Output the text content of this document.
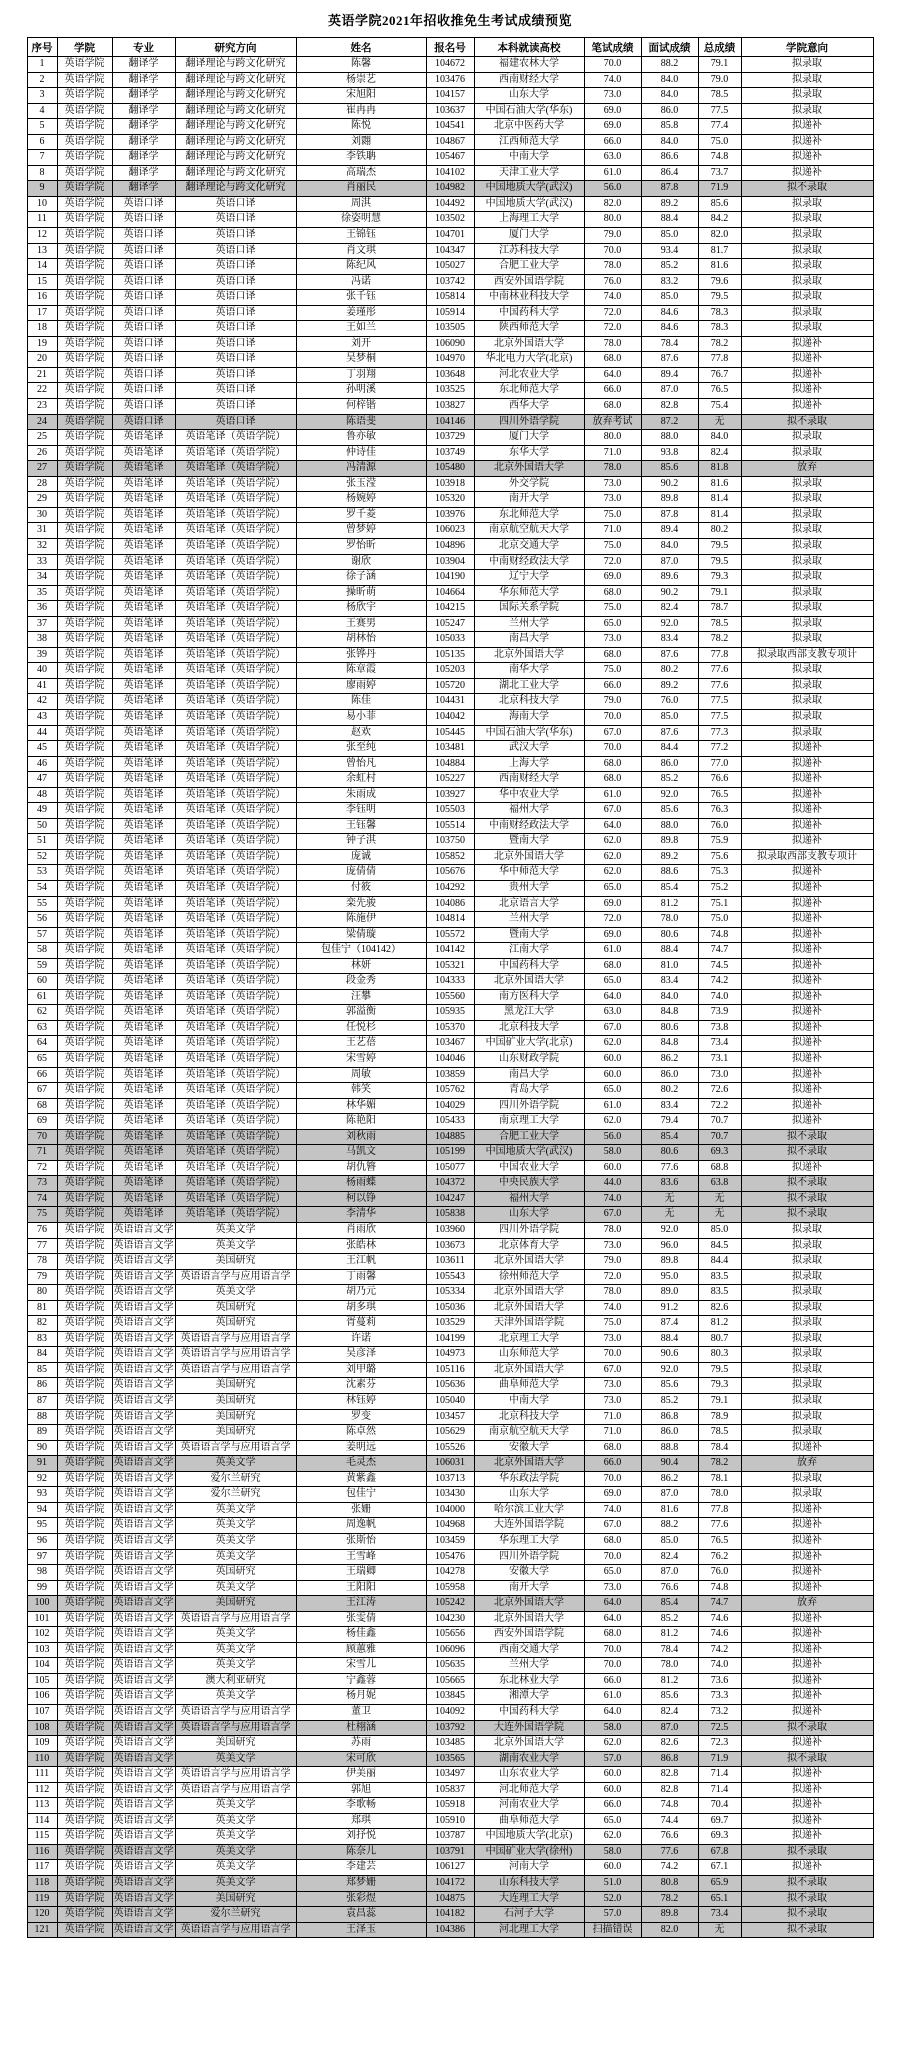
英语学院2021年招收推免生考试成绩预览
序号	学院	专业	研究方向	姓名	报名号	本科就读高校	笔试成绩	面试成绩	总成绩	学院意向
1	英语学院	翻译学	翻译理论与跨文化研究	陈馨	104672	福建农林大学	70.0	88.2	79.1	拟录取
2	英语学院	翻译学	翻译理论与跨文化研究	杨崇艺	103476	西南财经大学	74.0	84.0	79.0	拟录取
3	英语学院	翻译学	翻译理论与跨文化研究	宋旭阳	104157	山东大学	73.0	84.0	78.5	拟录取
4	英语学院	翻译学	翻译理论与跨文化研究	崔冉冉	103637	中国石油大学(华东)	69.0	86.0	77.5	拟录取
5	英语学院	翻译学	翻译理论与跨文化研究	陈悦	104541	北京中医药大学	69.0	85.8	77.4	拟递补
6	英语学院	翻译学	翻译理论与跨文化研究	刘翾	104867	江西师范大学	66.0	84.0	75.0	拟递补
7	英语学院	翻译学	翻译理论与跨文化研究	李铁聃	105467	中南大学	63.0	86.6	74.8	拟递补
8	英语学院	翻译学	翻译理论与跨文化研究	高瑞杰	104102	天津工业大学	61.0	86.4	73.7	拟递补
9	英语学院	翻译学	翻译理论与跨文化研究	肖丽民	104982	中国地质大学(武汉)	56.0	87.8	71.9	拟不录取
10	英语学院	英语口译	英语口译	周淇	104492	中国地质大学(武汉)	82.0	89.2	85.6	拟录取
11	英语学院	英语口译	英语口译	徐姿明慧	103502	上海理工大学	80.0	88.4	84.2	拟录取
12	英语学院	英语口译	英语口译	王锦钰	104701	厦门大学	79.0	85.0	82.0	拟录取
13	英语学院	英语口译	英语口译	肖文琪	104347	江苏科技大学	70.0	93.4	81.7	拟录取
14	英语学院	英语口译	英语口译	陈纪风	105027	合肥工业大学	78.0	85.2	81.6	拟录取
15	英语学院	英语口译	英语口译	冯诺	103742	西安外国语学院	76.0	83.2	79.6	拟录取
16	英语学院	英语口译	英语口译	张千钰	105814	中南林业科技大学	74.0	85.0	79.5	拟录取
17	英语学院	英语口译	英语口译	姜瑾彤	105914	中国药科大学	72.0	84.6	78.3	拟录取
18	英语学院	英语口译	英语口译	王如兰	103505	陕西师范大学	72.0	84.6	78.3	拟录取
19	英语学院	英语口译	英语口译	刘开	106090	北京外国语大学	78.0	78.4	78.2	拟递补
20	英语学院	英语口译	英语口译	吴梦桐	104970	华北电力大学(北京)	68.0	87.6	77.8	拟递补
21	英语学院	英语口译	英语口译	丁羽翔	103648	河北农业大学	64.0	89.4	76.7	拟递补
22	英语学院	英语口译	英语口译	孙明溪	103525	东北师范大学	66.0	87.0	76.5	拟递补
23	英语学院	英语口译	英语口译	何梓锴	103827	西华大学	68.0	82.8	75.4	拟递补
24	英语学院	英语口译	英语口译	陈语斐	104146	四川外语学院	放弃考试	87.2	无	拟不录取
25	英语学院	英语笔译	英语笔译（英语学院）	鲁亦敏	103729	厦门大学	80.0	88.0	84.0	拟录取
26	英语学院	英语笔译	英语笔译（英语学院）	仲诗佳	103749	东华大学	71.0	93.8	82.4	拟录取
27	英语学院	英语笔译	英语笔译（英语学院）	冯清源	105480	北京外国语大学	78.0	85.6	81.8	放弃
28	英语学院	英语笔译	英语笔译（英语学院）	张玉滢	103918	外交学院	73.0	90.2	81.6	拟录取
29	英语学院	英语笔译	英语笔译（英语学院）	杨婉婷	105320	南开大学	73.0	89.8	81.4	拟录取
30	英语学院	英语笔译	英语笔译（英语学院）	罗千菱	103976	东北师范大学	75.0	87.8	81.4	拟录取
31	英语学院	英语笔译	英语笔译（英语学院）	曾梦婷	106023	南京航空航天大学	71.0	89.4	80.2	拟录取
32	英语学院	英语笔译	英语笔译（英语学院）	罗怡昕	104896	北京交通大学	75.0	84.0	79.5	拟录取
33	英语学院	英语笔译	英语笔译（英语学院）	谢欣	103904	中南财经政法大学	72.0	87.0	79.5	拟录取
34	英语学院	英语笔译	英语笔译（英语学院）	徐子涵	104190	辽宁大学	69.0	89.6	79.3	拟录取
35	英语学院	英语笔译	英语笔译（英语学院）	操昕萌	104664	华东师范大学	68.0	90.2	79.1	拟录取
36	英语学院	英语笔译	英语笔译（英语学院）	杨欣宇	104215	国际关系学院	75.0	82.4	78.7	拟录取
37	英语学院	英语笔译	英语笔译（英语学院）	王赛男	105247	兰州大学	65.0	92.0	78.5	拟录取
38	英语学院	英语笔译	英语笔译（英语学院）	胡林怡	105033	南昌大学	73.0	83.4	78.2	拟录取
39	英语学院	英语笔译	英语笔译（英语学院）	张铧丹	105135	北京外国语大学	68.0	87.6	77.8	拟录取西部支教专项计
40	英语学院	英语笔译	英语笔译（英语学院）	陈章霞	105203	南华大学	75.0	80.2	77.6	拟录取
41	英语学院	英语笔译	英语笔译（英语学院）	廖雨婷	105720	湖北工业大学	66.0	89.2	77.6	拟录取
42	英语学院	英语笔译	英语笔译（英语学院）	陈佳	104431	北京科技大学	79.0	76.0	77.5	拟录取
43	英语学院	英语笔译	英语笔译（英语学院）	易小菲	104042	海南大学	70.0	85.0	77.5	拟录取
44	英语学院	英语笔译	英语笔译（英语学院）	赵欢	105445	中国石油大学(华东)	67.0	87.6	77.3	拟录取
45	英语学院	英语笔译	英语笔译（英语学院）	张至纯	103481	武汉大学	70.0	84.4	77.2	拟递补
46	英语学院	英语笔译	英语笔译（英语学院）	曾怡凡	104884	上海大学	68.0	86.0	77.0	拟递补
47	英语学院	英语笔译	英语笔译（英语学院）	余虹村	105227	西南财经大学	68.0	85.2	76.6	拟递补
48	英语学院	英语笔译	英语笔译（英语学院）	朱雨成	103927	华中农业大学	61.0	92.0	76.5	拟递补
49	英语学院	英语笔译	英语笔译（英语学院）	李钰明	105503	福州大学	67.0	85.6	76.3	拟递补
50	英语学院	英语笔译	英语笔译（英语学院）	王钰馨	105514	中南财经政法大学	64.0	88.0	76.0	拟递补
51	英语学院	英语笔译	英语笔译（英语学院）	钟子淇	103750	暨南大学	62.0	89.8	75.9	拟递补
52	英语学院	英语笔译	英语笔译（英语学院）	庞诚	105852	北京外国语大学	62.0	89.2	75.6	拟录取西部支教专项计
53	英语学院	英语笔译	英语笔译（英语学院）	庞倩倩	105676	华中师范大学	62.0	88.6	75.3	拟递补
54	英语学院	英语笔译	英语笔译（英语学院）	付筱	104292	贵州大学	65.0	85.4	75.2	拟递补
55	英语学院	英语笔译	英语笔译（英语学院）	栾先骏	104086	北京语言大学	69.0	81.2	75.1	拟递补
56	英语学院	英语笔译	英语笔译（英语学院）	陈施伊	104814	兰州大学	72.0	78.0	75.0	拟递补
57	英语学院	英语笔译	英语笔译（英语学院）	梁倩璇	105572	暨南大学	69.0	80.6	74.8	拟递补
58	英语学院	英语笔译	英语笔译（英语学院）	包佳宁（104142）	104142	江南大学	61.0	88.4	74.7	拟递补
59	英语学院	英语笔译	英语笔译（英语学院）	林妍	105321	中国药科大学	68.0	81.0	74.5	拟递补
60	英语学院	英语笔译	英语笔译（英语学院）	段金秀	104333	北京外国语大学	65.0	83.4	74.2	拟递补
61	英语学院	英语笔译	英语笔译（英语学院）	汪攀	105560	南方医科大学	64.0	84.0	74.0	拟递补
62	英语学院	英语笔译	英语笔译（英语学院）	郭溢衡	105935	黑龙江大学	63.0	84.8	73.9	拟递补
63	英语学院	英语笔译	英语笔译（英语学院）	任悦杉	105370	北京科技大学	67.0	80.6	73.8	拟递补
64	英语学院	英语笔译	英语笔译（英语学院）	王艺蓓	103467	中国矿业大学(北京)	62.0	84.8	73.4	拟递补
65	英语学院	英语笔译	英语笔译（英语学院）	宋雪婷	104046	山东财政学院	60.0	86.2	73.1	拟递补
66	英语学院	英语笔译	英语笔译（英语学院）	周敏	103859	南昌大学	60.0	86.0	73.0	拟递补
67	英语学院	英语笔译	英语笔译（英语学院）	韩笑	105762	青岛大学	65.0	80.2	72.6	拟递补
68	英语学院	英语笔译	英语笔译（英语学院）	林华媚	104029	四川外语学院	61.0	83.4	72.2	拟递补
69	英语学院	英语笔译	英语笔译（英语学院）	陈艳阳	105433	南京理工大学	62.0	79.4	70.7	拟递补
70	英语学院	英语笔译	英语笔译（英语学院）	刘秋雨	104885	合肥工业大学	56.0	85.4	70.7	拟不录取
71	英语学院	英语笔译	英语笔译（英语学院）	马凯文	105199	中国地质大学(武汉)	58.0	80.6	69.3	拟不录取
72	英语学院	英语笔译	英语笔译（英语学院）	胡仇簪	105077	中国农业大学	60.0	77.6	68.8	拟递补
73	英语学院	英语笔译	英语笔译（英语学院）	杨雨蝶	104372	中央民族大学	44.0	83.6	63.8	拟不录取
74	英语学院	英语笔译	英语笔译（英语学院）	柯以铮	104247	福州大学	74.0	无	无	拟不录取
75	英语学院	英语笔译	英语笔译（英语学院）	李清华	105838	山东大学	67.0	无	无	拟不录取
76	英语学院	英语语言文学	英美文学	肖雨欣	103960	四川外语学院	78.0	92.0	85.0	拟录取
77	英语学院	英语语言文学	英美文学	张皓林	103673	北京体育大学	73.0	96.0	84.5	拟录取
78	英语学院	英语语言文学	美国研究	王江帆	103611	北京外国语大学	79.0	89.8	84.4	拟录取
79	英语学院	英语语言文学	英语语言学与应用语言学	丁雨馨	105543	徐州师范大学	72.0	95.0	83.5	拟录取
80	英语学院	英语语言文学	英美文学	胡乃元	105334	北京外国语大学	78.0	89.0	83.5	拟录取
81	英语学院	英语语言文学	英国研究	胡多琪	105036	北京外国语大学	74.0	91.2	82.6	拟录取
82	英语学院	英语语言文学	英国研究	胥蔓莉	103529	天津外国语学院	75.0	87.4	81.2	拟录取
83	英语学院	英语语言文学	英语语言学与应用语言学	许诺	104199	北京理工大学	73.0	88.4	80.7	拟录取
84	英语学院	英语语言文学	英语语言学与应用语言学	吴彦泽	104973	山东师范大学	70.0	90.6	80.3	拟录取
85	英语学院	英语语言文学	英语语言学与应用语言学	刘甲璐	105116	北京外国语大学	67.0	92.0	79.5	拟录取
86	英语学院	英语语言文学	美国研究	沈素芬	105636	曲阜师范大学	73.0	85.6	79.3	拟录取
87	英语学院	英语语言文学	美国研究	林钰婷	105040	中南大学	73.0	85.2	79.1	拟录取
88	英语学院	英语语言文学	美国研究	罗变	103457	北京科技大学	71.0	86.8	78.9	拟录取
89	英语学院	英语语言文学	美国研究	陈卓然	105629	南京航空航天大学	71.0	86.0	78.5	拟录取
90	英语学院	英语语言文学	英语语言学与应用语言学	姜明远	105526	安徽大学	68.0	88.8	78.4	拟递补
91	英语学院	英语语言文学	英美文学	毛灵杰	106031	北京外国语大学	66.0	90.4	78.2	放弃
92	英语学院	英语语言文学	爱尔兰研究	黄紫鑫	103713	华东政法学院	70.0	86.2	78.1	拟录取
93	英语学院	英语语言文学	爱尔兰研究	包佳宁	103430	山东大学	69.0	87.0	78.0	拟录取
94	英语学院	英语语言文学	英美文学	张姗	104000	哈尔滨工业大学	74.0	81.6	77.8	拟递补
95	英语学院	英语语言文学	英美文学	周逸帆	104968	大连外国语学院	67.0	88.2	77.6	拟递补
96	英语学院	英语语言文学	英美文学	张斯怡	103459	华东理工大学	68.0	85.0	76.5	拟递补
97	英语学院	英语语言文学	英美文学	王雪峰	105476	四川外语学院	70.0	82.4	76.2	拟递补
98	英语学院	英语语言文学	英国研究	王瑞卿	104278	安徽大学	65.0	87.0	76.0	拟递补
99	英语学院	英语语言文学	英美文学	王阳阳	105958	南开大学	73.0	76.6	74.8	拟递补
100	英语学院	英语语言文学	美国研究	王江涛	105242	北京外国语大学	64.0	85.4	74.7	放弃
101	英语学院	英语语言文学	英语语言学与应用语言学	张雯倩	104230	北京外国语大学	64.0	85.2	74.6	拟递补
102	英语学院	英语语言文学	英美文学	杨佳鑫	105656	西安外国语学院	68.0	81.2	74.6	拟递补
103	英语学院	英语语言文学	英美文学	顾蕙雅	106096	西南交通大学	70.0	78.4	74.2	拟递补
104	英语学院	英语语言文学	英美文学	宋雪儿	105635	兰州大学	70.0	78.0	74.0	拟递补
105	英语学院	英语语言文学	澳大利亚研究	宁鑫蓉	105665	东北林业大学	66.0	81.2	73.6	拟递补
106	英语学院	英语语言文学	英美文学	杨月妮	103845	湘潭大学	61.0	85.6	73.3	拟递补
107	英语学院	英语语言文学	英语语言学与应用语言学	董卫	104092	中国药科大学	64.0	82.4	73.2	拟递补
108	英语学院	英语语言文学	英语语言学与应用语言学	杜栩涵	103792	大连外国语学院	58.0	87.0	72.5	拟不录取
109	英语学院	英语语言文学	美国研究	苏雨	103485	北京外国语大学	62.0	82.6	72.3	拟递补
110	英语学院	英语语言文学	英美文学	宋可欣	103565	湖南农业大学	57.0	86.8	71.9	拟不录取
111	英语学院	英语语言文学	英语语言学与应用语言学	伊美丽	103497	山东农业大学	60.0	82.8	71.4	拟递补
112	英语学院	英语语言文学	英语语言学与应用语言学	郭旭	105837	河北师范大学	60.0	82.8	71.4	拟递补
113	英语学院	英语语言文学	英美文学	李歌畅	105918	河南农业大学	66.0	74.8	70.4	拟递补
114	英语学院	英语语言文学	英美文学	郑琪	105910	曲阜师范大学	65.0	74.4	69.7	拟递补
115	英语学院	英语语言文学	英美文学	刘抒悦	103787	中国地质大学(北京)	62.0	76.6	69.3	拟递补
116	英语学院	英语语言文学	英美文学	陈奈儿	103791	中国矿业大学(徐州)	58.0	77.6	67.8	拟不录取
117	英语学院	英语语言文学	英美文学	李建芸	106127	河南大学	60.0	74.2	67.1	拟递补
118	英语学院	英语语言文学	英美文学	郑梦姗	104172	山东科技大学	51.0	80.8	65.9	拟不录取
119	英语学院	英语语言文学	美国研究	张彩煜	104875	大连理工大学	52.0	78.2	65.1	拟不录取
120	英语学院	英语语言文学	爱尔兰研究	袁昌蕊	104182	石河子大学	57.0	89.8	73.4	拟不录取
121	英语学院	英语语言文学	英语语言学与应用语言学	王泽玉	104386	河北理工大学	扫描错误	82.0	无	拟不录取
